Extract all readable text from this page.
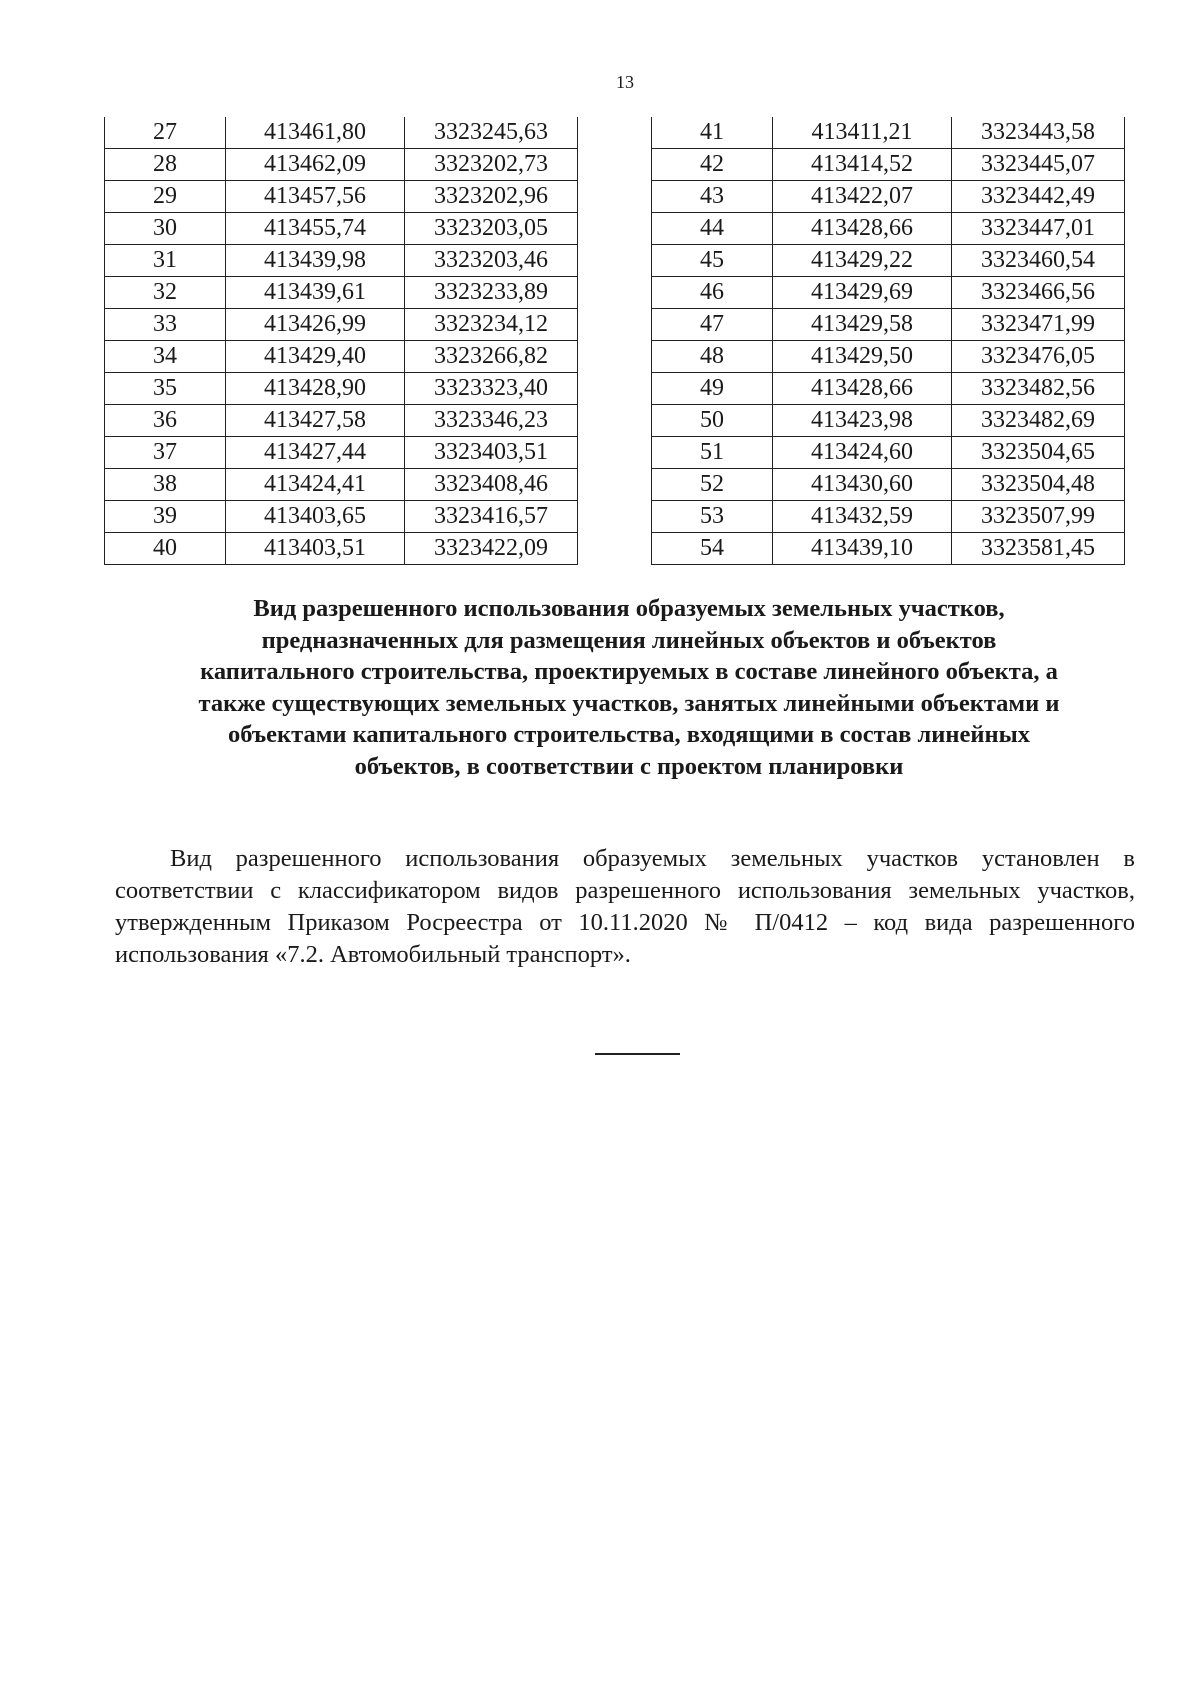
13
27	413461,80	3323245,63
28	413462,09	3323202,73
29	413457,56	3323202,96
30	413455,74	3323203,05
31	413439,98	3323203,46
32	413439,61	3323233,89
33	413426,99	3323234,12
34	413429,40	3323266,82
35	413428,90	3323323,40
36	413427,58	3323346,23
37	413427,44	3323403,51
38	413424,41	3323408,46
39	413403,65	3323416,57
40	413403,51	3323422,09
41	413411,21	3323443,58
42	413414,52	3323445,07
43	413422,07	3323442,49
44	413428,66	3323447,01
45	413429,22	3323460,54
46	413429,69	3323466,56
47	413429,58	3323471,99
48	413429,50	3323476,05
49	413428,66	3323482,56
50	413423,98	3323482,69
51	413424,60	3323504,65
52	413430,60	3323504,48
53	413432,59	3323507,99
54	413439,10	3323581,45
Вид разрешенного использования образуемых земельных участков,
предназначенных для размещения линейных объектов и объектов
капитального строительства, проектируемых в составе линейного объекта, а
также существующих земельных участков, занятых линейными объектами и
объектами капитального строительства, входящими в состав линейных
объектов, в соответствии с проектом планировки

Вид разрешенного использования образуемых земельных участков установлен в соответствии с классификатором видов разрешенного использования земельных участков, утвержденным Приказом Росреестра от 10.11.2020 № П/0412 – код вида разрешенного использования «7.2. Автомобильный транспорт».
